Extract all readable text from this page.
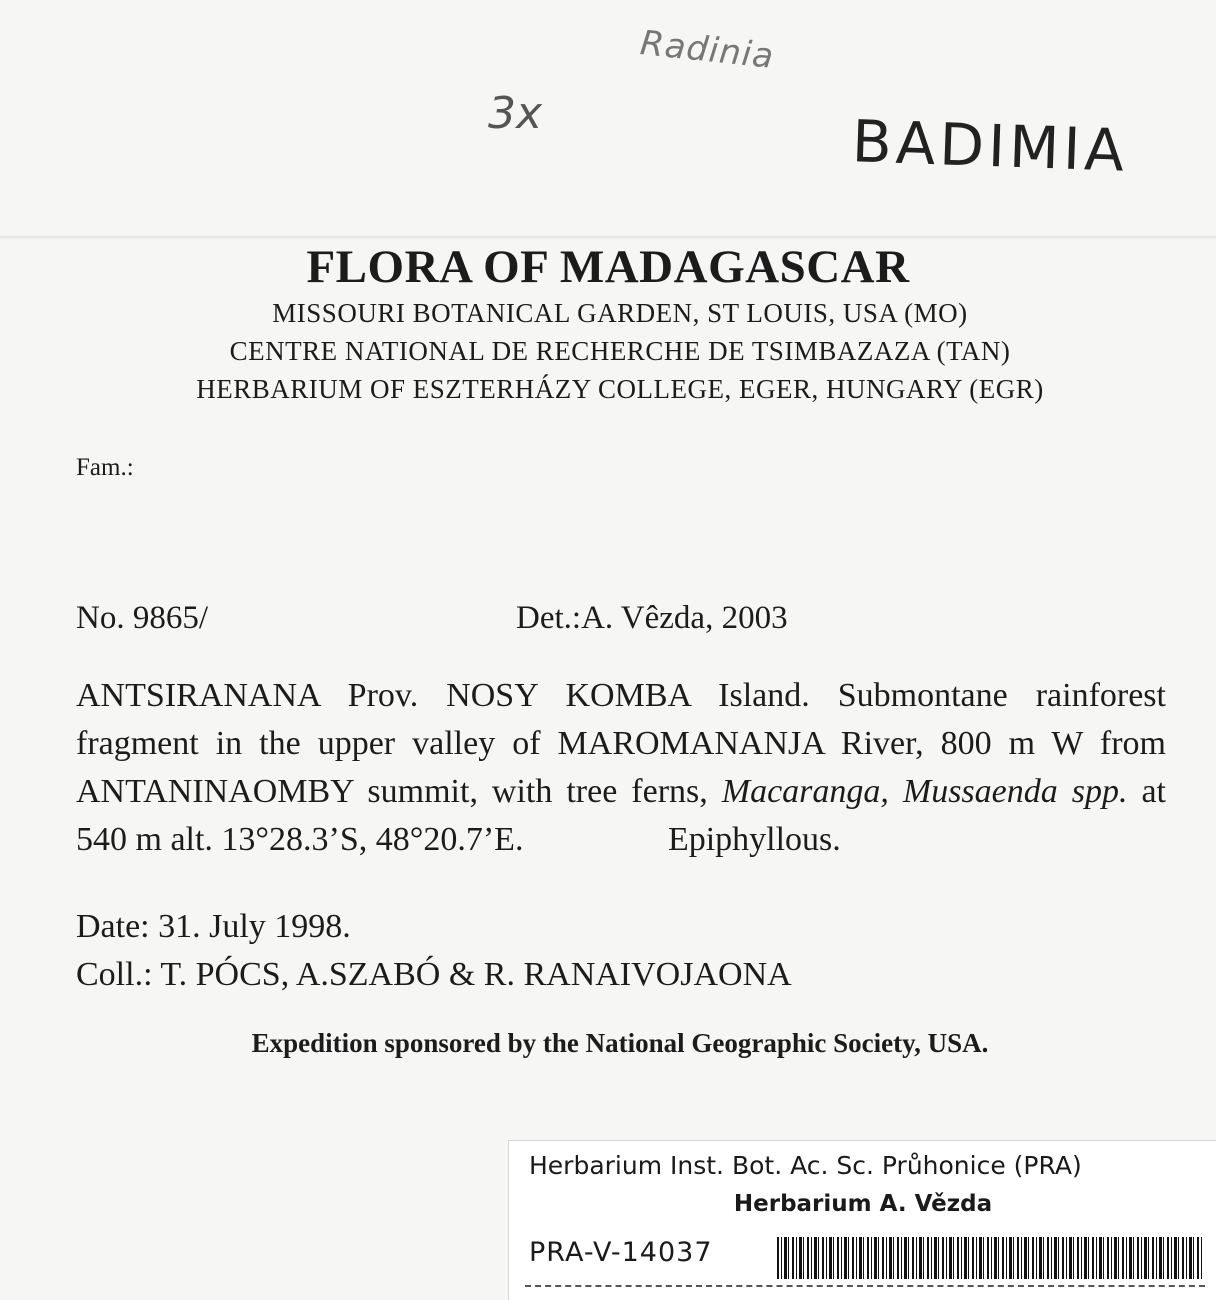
Radinia
3x	BADIMIA
FLORA OF MADAGASCAR
MISSOURI BOTANICAL GARDEN, ST LOUIS, USA (MO)
CENTRE NATIONAL DE RECHERCHE DE TSIMBAZAZA (TAN)
HERBARIUM OF ESZTERHÁZY COLLEGE, EGER, HUNGARY (EGR)
Fam.:
No. 9865/	Det.:A. Vêzda, 2003
ANTSIRANANA Prov. NOSY KOMBA Island. Submontane rainforest fragment in the upper valley of MAROMANANJA River, 800 m W from ANTANINAOMBY summit, with tree ferns, Macaranga, Mussaenda spp. at 540 m alt. 13°28.3’S, 48°20.7’E.	Epiphyllous.
Date: 31. July 1998.
Coll.: T. PÓCS, A.SZABÓ & R. RANAIVOJAONA
Expedition sponsored by the National Geographic Society, USA.
Herbarium Inst. Bot. Ac. Sc. Průhonice (PRA)
Herbarium A. Vězda
PRA-V-14037
